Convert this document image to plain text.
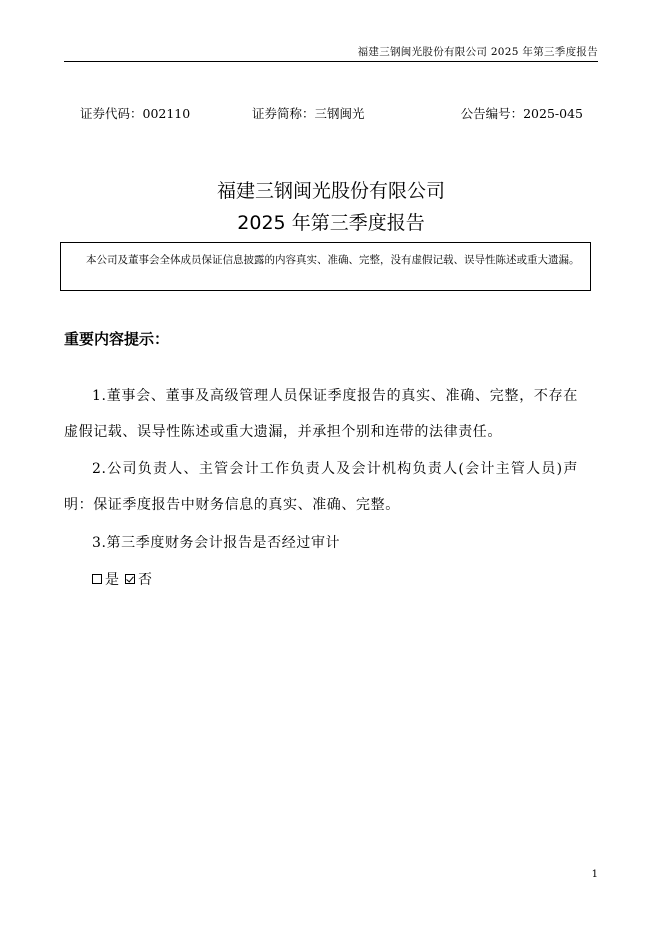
福建三钢闽光股份有限公司 2025 年第三季度报告
证券代码：002110	证券简称：三钢闽光	公告编号：2025-045
福建三钢闽光股份有限公司
2025 年第三季度报告
本公司及董事会全体成员保证信息披露的内容真实、准确、完整，没有虚假记载、误导性陈述或重大遗漏。
重要内容提示：
1.董事会、董事及高级管理人员保证季度报告的真实、准确、完整，不存在虚假记载、误导性陈述或重大遗漏，并承担个别和连带的法律责任。
2.公司负责人、主管会计工作负责人及会计机构负责人(会计主管人员)声明：保证季度报告中财务信息的真实、准确、完整。
3.第三季度财务会计报告是否经过审计
是 否
1
